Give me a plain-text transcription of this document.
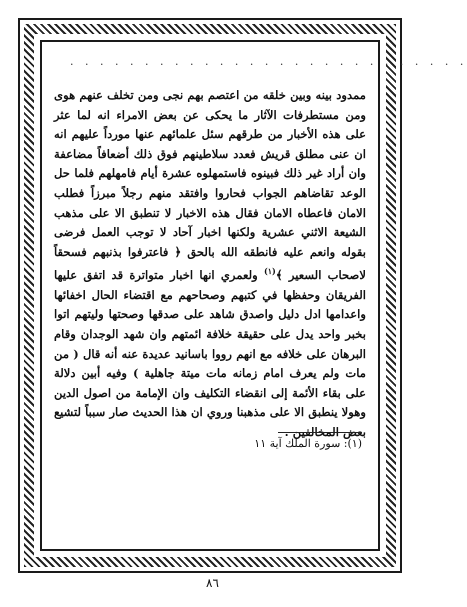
. . . . . . . . . . . . . . . . . . . . . . . . . . .
ممدود بينه وبين خلقه من اعتصم بهم نجى ومن تخلف عنهم هوى ومن مستطرفات الآثار ما يحكى عن بعض الامراء انه لما عثر على هذه الأخبار من طرقهم سئل علمائهم عنها مورداً عليهم انه ان عنى مطلق قريش فعدد سلاطينهم فوق ذلك أضعافاً مضاعفة وان أراد غير ذلك فبينوه فاستمهلوه عشرة أيام فامهلهم فلما حل الوعد تقاضاهم الجواب فحاروا وافتقد منهم رجلاً مبرزاً فطلب الامان فاعطاه الامان فقال هذه الاخبار لا تنطبق الا على مذهب الشيعة الاثني عشرية ولكنها اخبار آحاد لا توجب العمل فرضى بقوله وانعم عليه فانطقه الله بالحق ﴿ فاعترفوا بذنبهم فسحقاً لاصحاب السعير ﴾$^{(١)}$ ولعمري انها اخبار متواترة قد اتفق عليها الفريقان وحفظها في كتبهم وصحاحهم مع اقتضاء الحال اخفائها واعدامها ادل دليل واصدق شاهد على صدقها وصحتها وليتهم اتوا بخبر واحد يدل على حقيقة خلافة ائمتهم وان شهد الوجدان وقام البرهان على خلافه مع انهم رووا باسانيد عديدة عنه أنه قال ( من مات ولم يعرف امام زمانه مات ميتة جاهلية ) وفيه أبين دلالة على بقاء الأئمة إلى انقضاء التكليف وان الإمامة من اصول الدين وهولا ينطبق الا على مذهبنا وروي ان هذا الحديث صار سبباً لتشيع بعض المخالفين .
(١): سورة الملك آية ١١
٨٦
